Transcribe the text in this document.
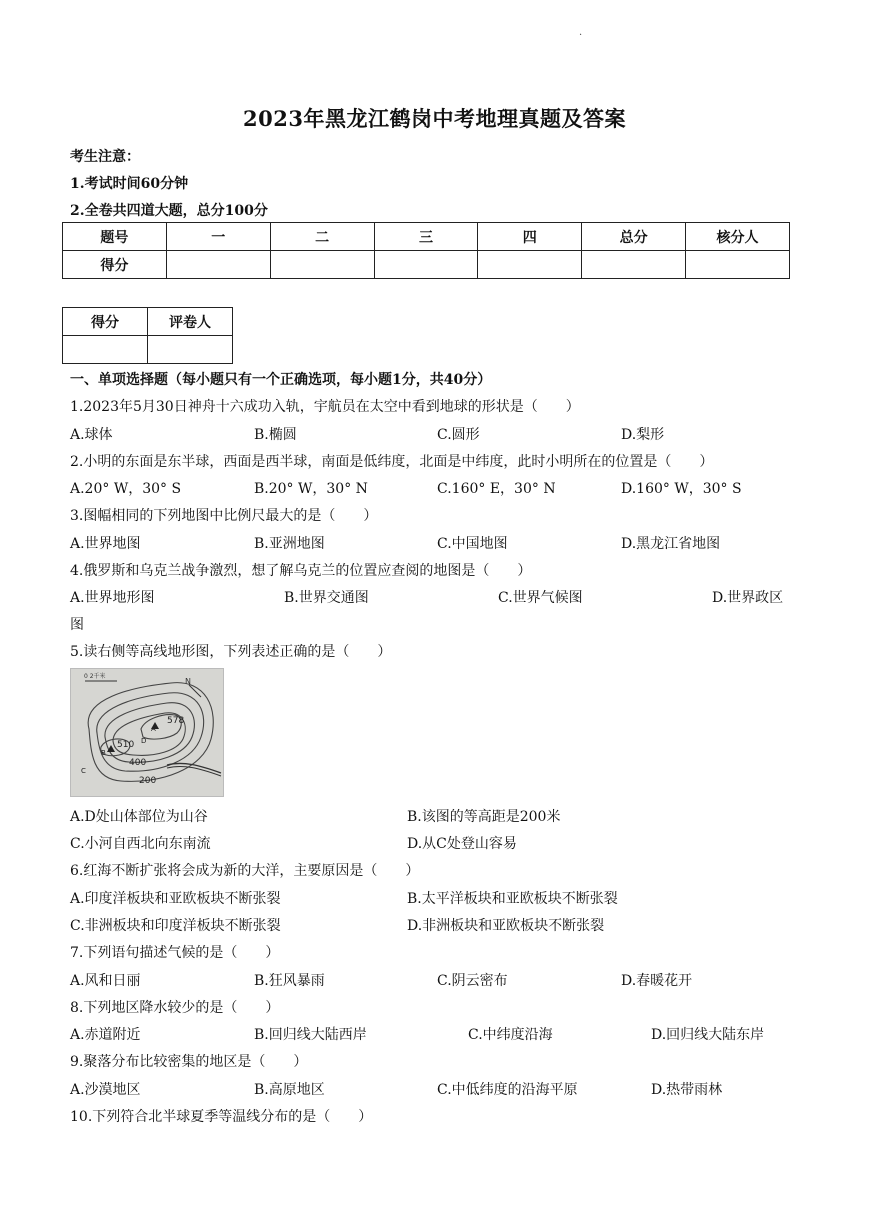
·
2023年黑龙江鹤岗中考地理真题及答案
考生注意：
1.考试时间60分钟
2.全卷共四道大题，总分100分
题号	一	二	三	四	总分	核分人
得分						
得分	评卷人

一、单项选择题（每小题只有一个正确选项，每小题1分，共40分）
1.2023年5月30日神舟十六成功入轨，宇航员在太空中看到地球的形状是（　　）
A.球体	B.椭圆	C.圆形	D.梨形
2.小明的东面是东半球，西面是西半球，南面是低纬度，北面是中纬度，此时小明所在的位置是（　　）
A.20° W，30° S	B.20° W，30° N	C.160° E，30° N	D.160° W，30° S
3.图幅相同的下列地图中比例尺最大的是（　　）
A.世界地图	B.亚洲地图	C.中国地图	D.黑龙江省地图
4.俄罗斯和乌克兰战争激烈，想了解乌克兰的位置应查阅的地图是（　　）
A.世界地形图	B.世界交通图	C.世界气候图	D.世界政区
图
5.读右侧等高线地形图，下列表述正确的是（　　）
0 2千米
N
578
510
400
200
A
B
C
D
A.D处山体部位为山谷	B.该图的等高距是200米
C.小河自西北向东南流	D.从C处登山容易
6.红海不断扩张将会成为新的大洋，主要原因是（　　）
A.印度洋板块和亚欧板块不断张裂	B.太平洋板块和亚欧板块不断张裂
C.非洲板块和印度洋板块不断张裂	D.非洲板块和亚欧板块不断张裂
7.下列语句描述气候的是（　　）
A.风和日丽	B.狂风暴雨	C.阴云密布	D.春暖花开
8.下列地区降水较少的是（　　）
A.赤道附近	B.回归线大陆西岸	C.中纬度沿海	D.回归线大陆东岸
9.聚落分布比较密集的地区是（　　）
A.沙漠地区	B.高原地区	C.中低纬度的沿海平原	D.热带雨林
10.下列符合北半球夏季等温线分布的是（　　）
